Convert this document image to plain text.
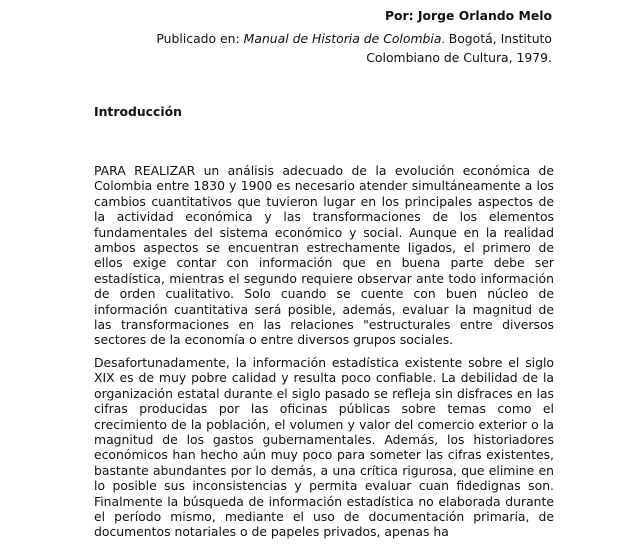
Por: Jorge Orlando Melo

Publicado en: Manual de Historia de Colombia. Bogotá, Instituto Colombiano de Cultura, 1979.

Introducción

PARA REALIZAR un análisis adecuado de la evolución económica de Colombia entre 1830 y 1900 es necesario atender simultáneamente a los cambios cuantitativos que tuvieron lugar en los principales aspectos de la actividad económica y las transformaciones de los elementos fundamentales del sistema económico y social. Aunque en la realidad ambos aspectos se encuentran estrechamente ligados, el primero de ellos exige contar con información que en buena parte debe ser estadística, mientras el segundo requiere observar ante todo información de orden cualitativo. Solo cuando se cuente con buen núcleo de información cuantitativa será posible, además, evaluar la magnitud de las transformaciones en las relaciones "estructurales entre diversos sectores de la economía o entre diversos grupos sociales.

Desafortunadamente, la información estadística existente sobre el siglo XIX es de muy pobre calidad y resulta poco confiable. La debilidad de la organización estatal durante el siglo pasado se refleja sin disfraces en las cifras producidas por las oficinas públicas sobre temas como el crecimiento de la población, el volumen y valor del comercio exterior o la magnitud de los gastos gubernamentales. Además, los historiadores económicos han hecho aún muy poco para someter las cifras existentes, bastante abundantes por lo demás, a una crítica rigurosa, que elimine en lo posible sus inconsistencias y permita evaluar cuan fidedignas son. Finalmente la búsqueda de información estadística no elaborada durante el período mismo, mediante el uso de documentación primaria, de documentos notariales o de papeles privados, apenas ha
